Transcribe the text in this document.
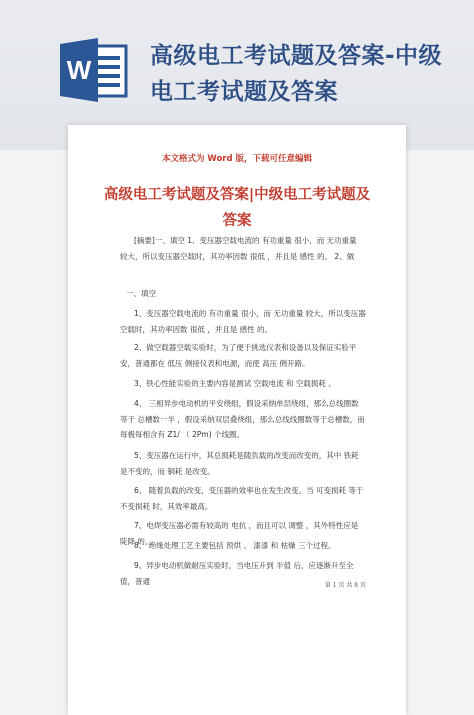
W	高级电工考试题及答案-中级
电工考试题及答案
本文格式为 Word 版，下载可任意编辑
高级电工考试题及答案|中级电工考试题及
答案
[摘要]一、填空 1、变压器空载电流的 有功重量 很小，而 无功重量 较大，所以变压器空载时，其功率因数 很低 ，并且是 感性 的。 2、做
一、填空
1、变压器空载电流的 有功重量 很小，而 无功重量 较大，所以变压器空载时，其功率因数 很低 ，并且是 感性 的。
2、做空载器空载实验时，为了便于挑选仪表和设备以及保证实验平安，普通都在 低压 侧接仪表和电源，而使 高压 侧开路。
3、铁心性能实验的主要内容是测试 空载电流 和 空载损耗 。
4、 三相异步电动机的平安绕组，假设采纳单层绕组，那么总线圈数等于 总槽数一半 ，假设采纳双层叠绕组，那么总线线圈数等于总槽数，而每极每相含有 Z1/ （ 2Pm) 个线圈。
5、变压器在运行中，其总损耗是随负载的改变而改变的，其中 铁耗 是不变的，而 铜耗 是改变。
6、 随着负载的改变，变压器的效率也在发生改变。当 可变损耗 等于 不变损耗 时，其效率最高。
7、电焊变压器必需有较高的 电抗 ，而且可以 调整 ，其外特性应是 陡降 的。
8、 绝缘处理工艺主要包括 预烘 、 漆漆 和 枯燥 三个过程。
9、异步电动机做耐压实验时，当电压升到 半值 后，应逐渐升至全值，普通	第 1 页 共 8 页
